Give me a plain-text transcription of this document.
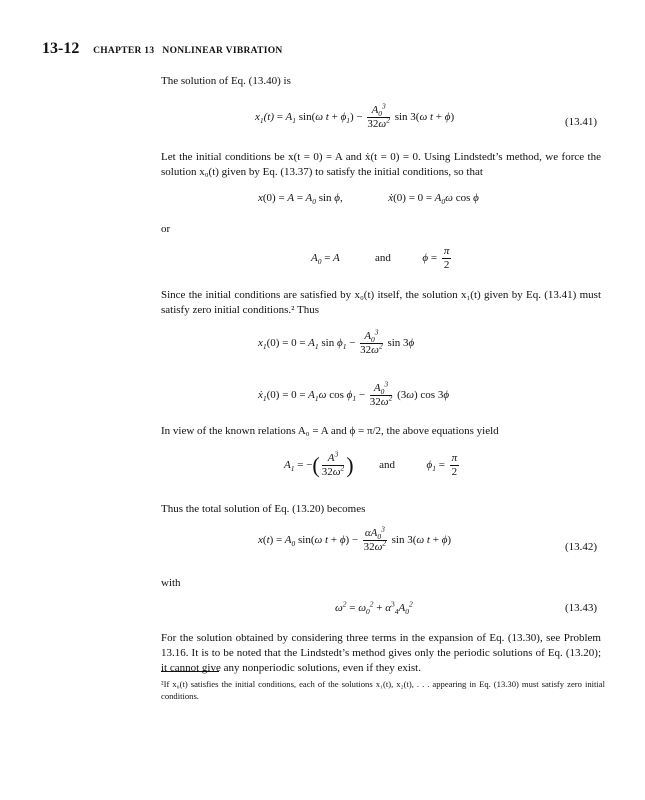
13-12 CHAPTER 13 NONLINEAR VIBRATION
The solution of Eq. (13.40) is
$x_1(t) = A_1$ sin(ω $t + \phi_1) - \frac{A_0^3}{32\omega^2}$ sin 3(ω t + ϕ)	(13.41)
Let the initial conditions be x(t = 0) = A and ẋ(t = 0) = 0. Using Lindstedt’s method, we force the solution x₀(t) given by Eq. (13.37) to satisfy the initial conditions, so that
$x(0) = A = A_0$ sin ϕ,	ẋ(0) = $0 = A_0\omega$ cos ϕ
or
$A_0 = A$	and	$\phi = \frac{\pi}{2}$
Since the initial conditions are satisfied by x₀(t) itself, the solution x₁(t) given by Eq. (13.41) must satisfy zero initial conditions.² Thus
$x_1(0) = 0 = A_1$ $\sin \phi_1 - \frac{A_0^3}{32\omega^2}$ sin 3ϕ
ẋ$_1$(0) = $0 = A_1\omega$ $\cos \phi_1 - \frac{A_0^3}{32\omega^2} (3\omega)$ cos 3ϕ
In view of the known relations A₀ = A and ϕ = π/2, the above equations yield
$A_1$ = −( $\frac{A^3}{32\omega^2}$ ) and	$\phi_1 = \frac{\pi}{2}$
Thus the total solution of Eq. (13.20) becomes
$x(t) = A_0$ sin(ω $t + \phi) - \frac{\alpha A_0^3}{32\omega^2}$ sin 3(ω t + ϕ)
(13.42)
with
$\omega^2 = \omega_0^2 + \alpha^3_4A_0^2$	(13.43)
For the solution obtained by considering three terms in the expansion of Eq. (13.30), see Problem 13.16. It is to be noted that the Lindstedt’s method gives only the periodic solutions of Eq. (13.20); it cannot give any nonperiodic solutions, even if they exist.
²If x₀(t) satisfies the initial conditions, each of the solutions x₁(t), x₂(t), . . . appearing in Eq. (13.30) must satisfy zero initial conditions.
